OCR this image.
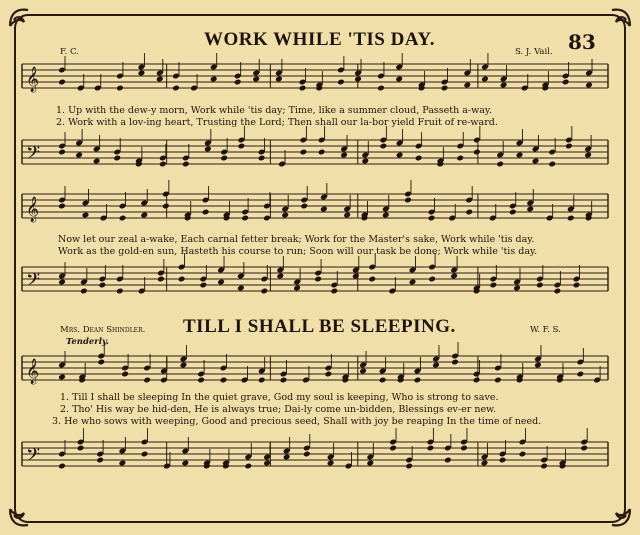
WORK WHILE 'TIS DAY.	83
F. C.	S. J. Vail.
𝄞
1. Up with the dew-y morn, Work while 'tis day; Time, like a summer cloud, Passeth a-way.
2. Work with a lov-ing heart, Trusting the Lord; Then shall our la-bor yield Fruit of re-ward.
𝄢
𝄞
Now let our zeal a-wake, Each carnal fetter break; Work for the Master's sake, Work while 'tis day.
Work as the gold-en sun, Hasteth his course to run; Soon will our task be done; Work while 'tis day.
𝄢
TILL I SHALL BE SLEEPING.
Mrs. Dean Shindler.	W. F. S.
Tenderly.
𝄞
1. Till I shall be sleeping In the quiet grave, God my soul is keeping, Who is strong to save.
2. Tho' His way be hid-den, He is always true; Dai-ly come un-bidden, Blessings ev-er new.
3. He who sows with weeping, Good and precious seed, Shall with joy be reaping In the time of need.
𝄢
